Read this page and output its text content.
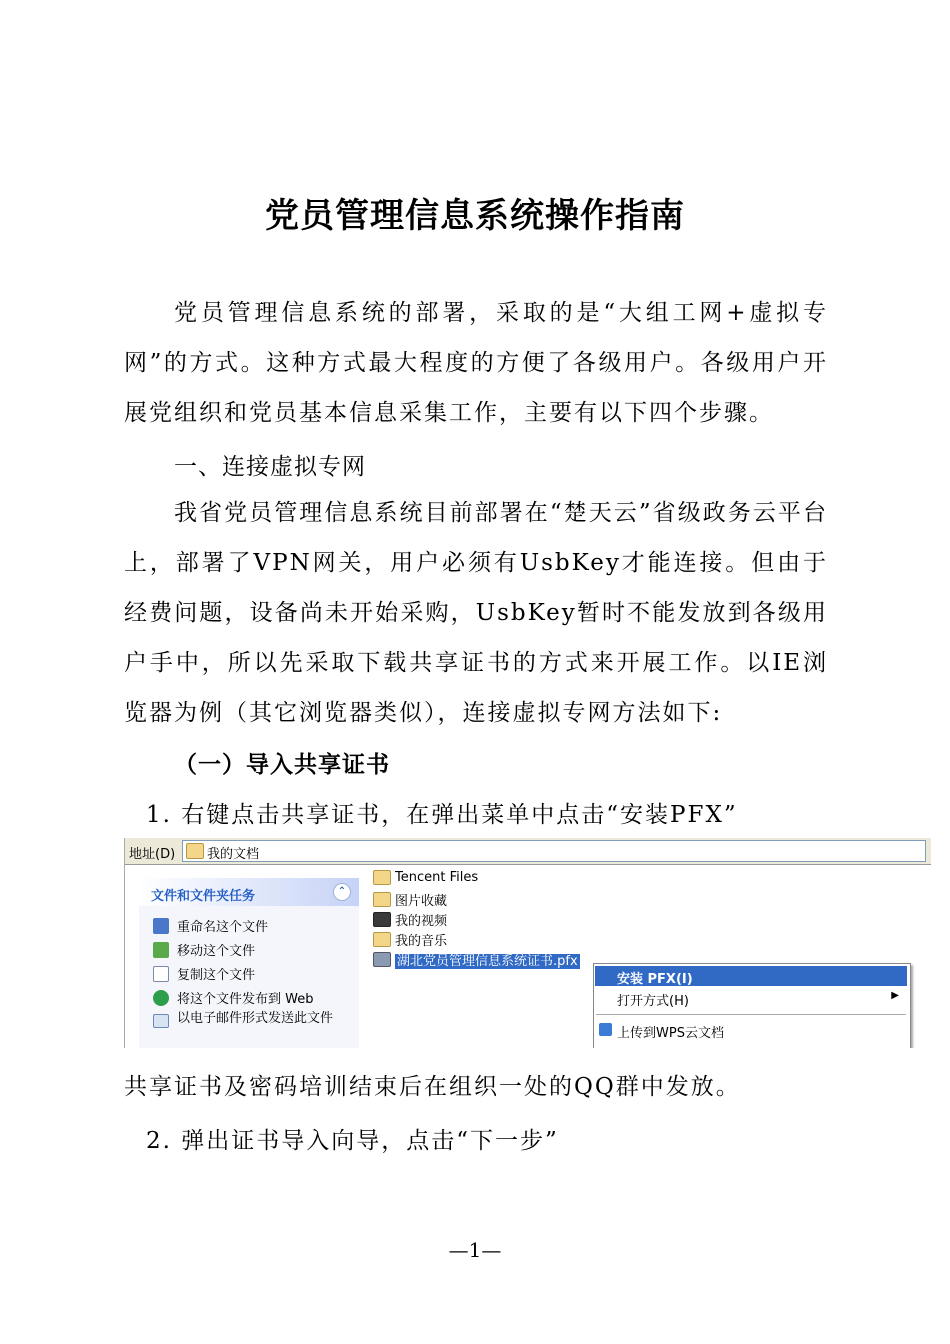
党员管理信息系统操作指南
党员管理信息系统的部署，采取的是“大组工网+虚拟专网”的方式。这种方式最大程度的方便了各级用户。各级用户开展党组织和党员基本信息采集工作，主要有以下四个步骤。
一、连接虚拟专网
我省党员管理信息系统目前部署在“楚天云”省级政务云平台上，部署了VPN网关，用户必须有UsbKey才能连接。但由于经费问题，设备尚未开始采购，UsbKey暂时不能发放到各级用户手中，所以先采取下载共享证书的方式来开展工作。以IE浏览器为例（其它浏览器类似），连接虚拟专网方法如下:
（一）导入共享证书
1. 右键点击共享证书，在弹出菜单中点击“安装PFX”
地址(D) 我的文档
文件和文件夹任务	⌃
重命名这个文件
移动这个文件
复制这个文件
将这个文件发布到 Web
以电子邮件形式发送此文件
Tencent Files
图片收藏
我的视频
我的音乐
湖北党员管理信息系统证书.pfx
安装 PFX(I)
打开方式(H)	▶
上传到WPS云文档
共享证书及密码培训结束后在组织一处的QQ群中发放。
2. 弹出证书导入向导，点击“下一步”
—1—
